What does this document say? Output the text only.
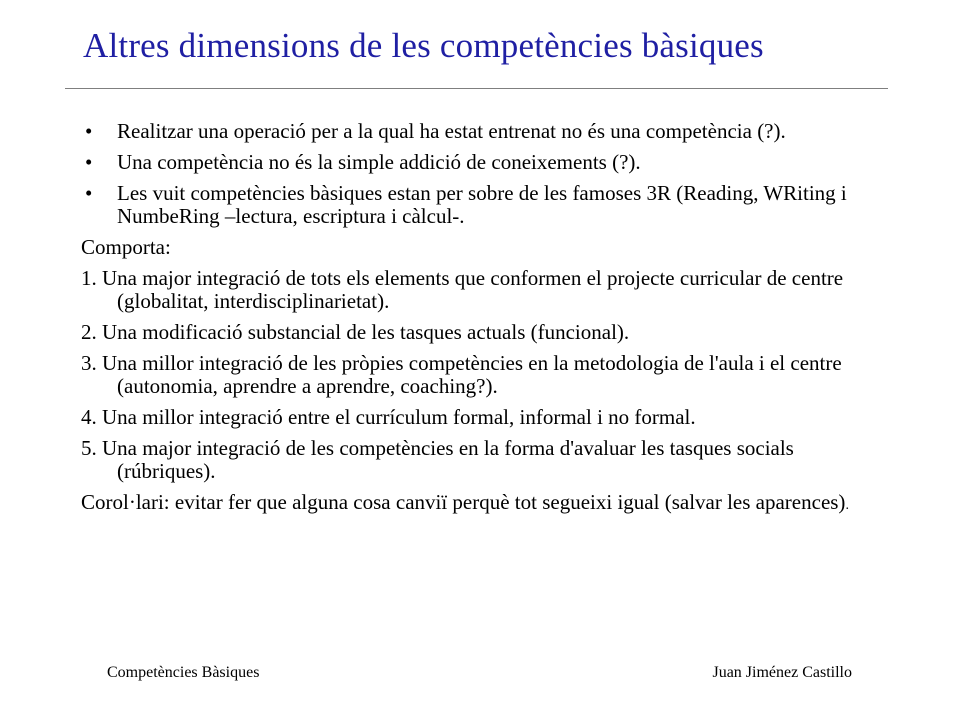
Altres dimensions de les competències bàsiques
• Realitzar una operació per a la qual ha estat entrenat no és una competència (?).
• Una competència no és la simple addició de coneixements (?).
• Les vuit competències bàsiques estan per sobre de les famoses 3R (Reading, WRiting i NumbeRing –lectura, escriptura i càlcul-.
Comporta:
1. Una major integració de tots els elements que conformen el projecte curricular de centre (globalitat, interdisciplinarietat).
2. Una modificació substancial de les tasques actuals (funcional).
3. Una millor integració de les pròpies competències en la metodologia de l'aula i el centre (autonomia, aprendre a aprendre, coaching?).
4. Una millor integració entre el currículum formal, informal i no formal.
5. Una major integració de les competències en la forma d'avaluar les tasques socials (rúbriques).
Corol·lari: evitar fer que alguna cosa canviï perquè tot segueixi igual (salvar les aparences).
Competències Bàsiques	Juan Jiménez Castillo
